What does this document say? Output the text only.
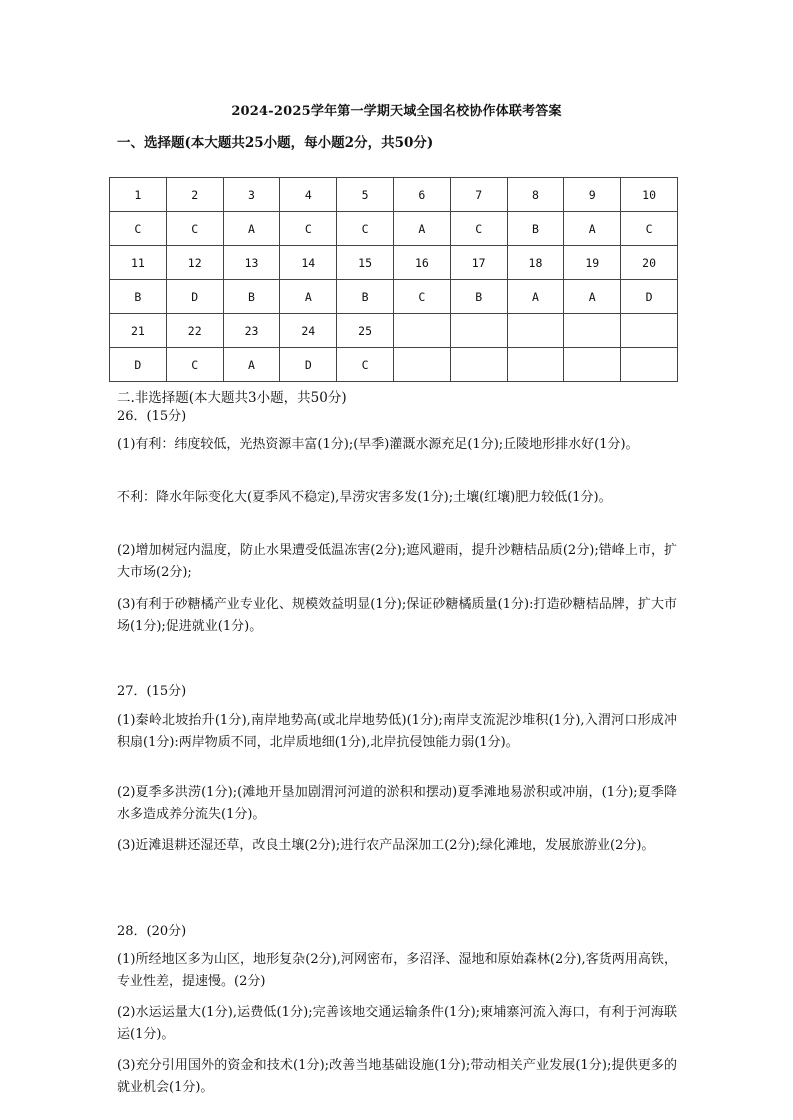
2024-2025学年第一学期天域全国名校协作体联考答案
一、选择题(本大题共25小题，每小题2分，共50分)
1	2	3	4	5	6	7	8	9	10
C	C	A	C	C	A	C	B	A	C
11	12	13	14	15	16	17	18	19	20
B	D	B	A	B	C	B	A	A	D
21	22	23	24	25					
D	C	A	D	C					
二.非选择题(本大题共3小题，共50分)
26．(15分)
(1)有利：纬度较低，光热资源丰富(1分);(早季)灌溉水源充足(1分);丘陵地形排水好(1分)。
不利：降水年际变化大(夏季风不稳定),旱涝灾害多发(1分);土壤(红壤)肥力较低(1分)。
(2)增加树冠内温度，防止水果遭受低温冻害(2分);遮风避雨，提升沙糖桔品质(2分);错峰上市，扩大市场(2分);
(3)有利于砂糖橘产业专业化、规模效益明显(1分);保证砂糖橘质量(1分):打造砂糖桔品牌，扩大市场(1分);促进就业(1分)。
27．(15分)
(1)秦岭北坡抬升(1分),南岸地势高(或北岸地势低)(1分);南岸支流泥沙堆积(1分),入渭河口形成冲积扇(1分):两岸物质不同，北岸质地细(1分),北岸抗侵蚀能力弱(1分)。
(2)夏季多洪涝(1分);(滩地开垦加剧渭河河道的淤积和摆动)夏季滩地易淤积或冲崩，(1分);夏季降水多造成养分流失(1分)。
(3)近滩退耕还湿还草，改良土壤(2分);进行农产品深加工(2分);绿化滩地，发展旅游业(2分)。
28．(20分)
(1)所经地区多为山区，地形复杂(2分),河网密布，多沼泽、湿地和原始森林(2分),客货两用高铁，专业性差，提速慢。(2分)
(2)水运运量大(1分),运费低(1分);完善该地交通运输条件(1分);柬埔寨河流入海口，有利于河海联运(1分)。
(3)充分引用国外的资金和技术(1分);改善当地基础设施(1分);带动相关产业发展(1分);提供更多的就业机会(1分)。
